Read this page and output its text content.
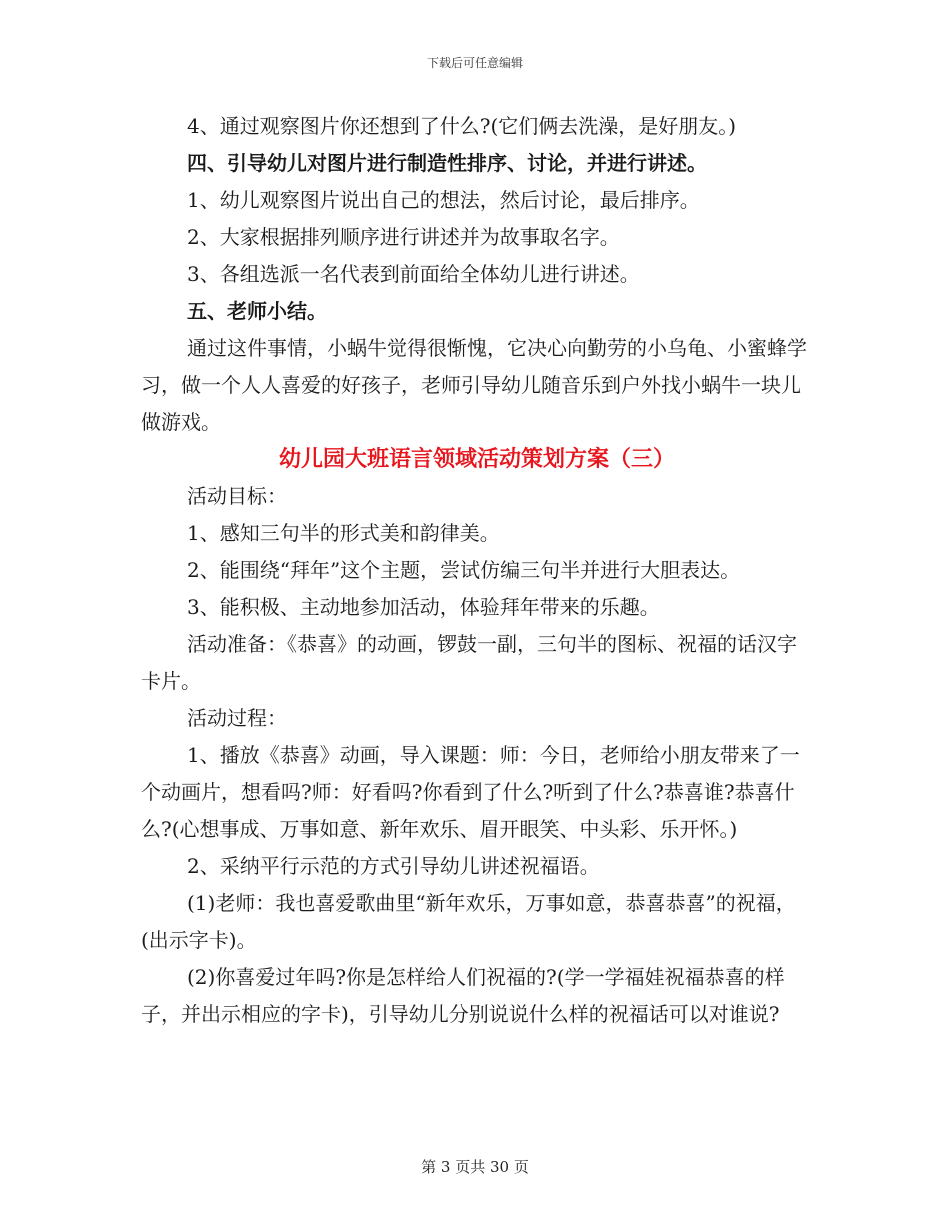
下载后可任意编辑

4、通过观察图片你还想到了什么?(它们俩去洗澡，是好朋友。)

四、引导幼儿对图片进行制造性排序、讨论，并进行讲述。

1、幼儿观察图片说出自己的想法，然后讨论，最后排序。

2、大家根据排列顺序进行讲述并为故事取名字。

3、各组选派一名代表到前面给全体幼儿进行讲述。

五、老师小结。

通过这件事情，小蜗牛觉得很惭愧，它决心向勤劳的小乌龟、小蜜蜂学习，做一个人人喜爱的好孩子，老师引导幼儿随音乐到户外找小蜗牛一块儿做游戏。

幼儿园大班语言领域活动策划方案（三）

活动目标：

1、感知三句半的形式美和韵律美。

2、能围绕“拜年”这个主题，尝试仿编三句半并进行大胆表达。

3、能积极、主动地参加活动，体验拜年带来的乐趣。

活动准备：《恭喜》的动画，锣鼓一副，三句半的图标、祝福的话汉字卡片。

活动过程：

1、播放《恭喜》动画，导入课题：师：今日，老师给小朋友带来了一个动画片，想看吗?师：好看吗?你看到了什么?听到了什么?恭喜谁?恭喜什么?(心想事成、万事如意、新年欢乐、眉开眼笑、中头彩、乐开怀。)

2、采纳平行示范的方式引导幼儿讲述祝福语。

(1)老师：我也喜爱歌曲里“新年欢乐，万事如意，恭喜恭喜”的祝福，(出示字卡)。

(2)你喜爱过年吗?你是怎样给人们祝福的?(学一学福娃祝福恭喜的样子，并出示相应的字卡)，引导幼儿分别说说什么样的祝福话可以对谁说?

第 3 页共 30 页
